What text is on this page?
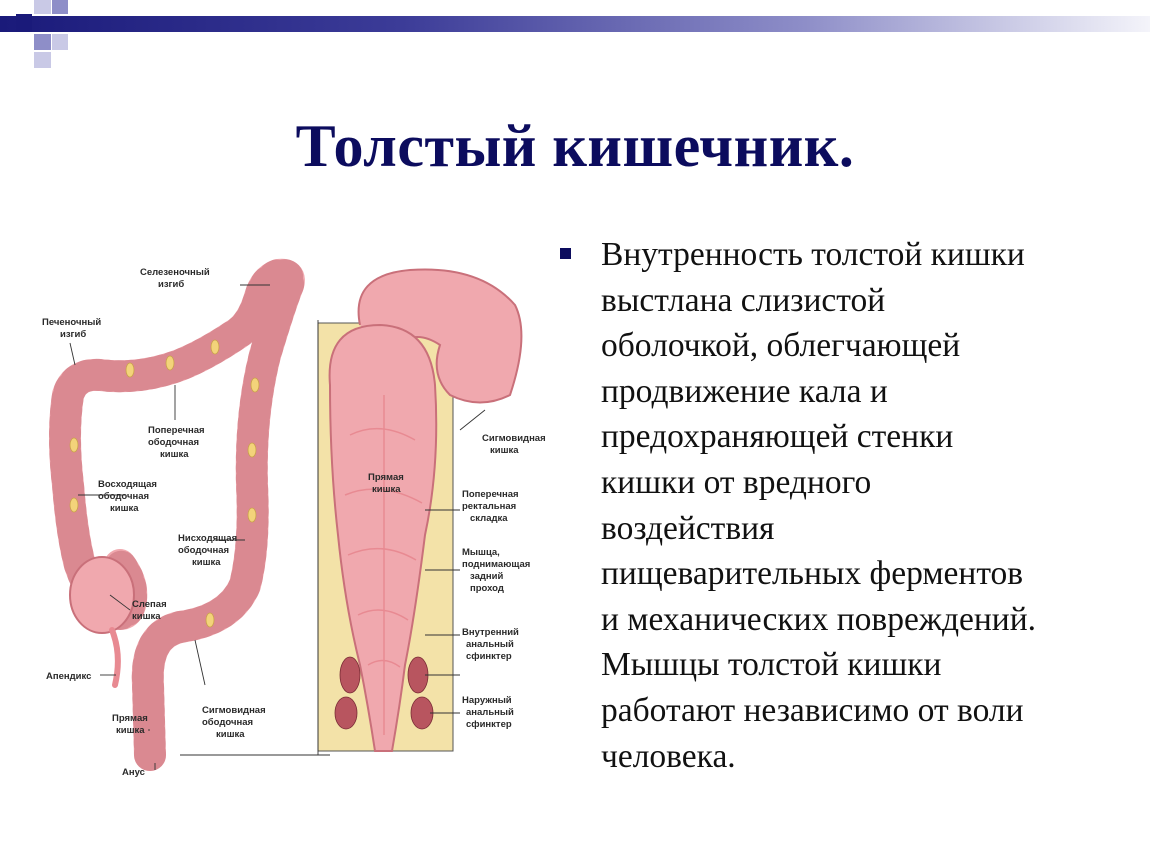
Толстый кишечник.
Селезеночный изгиб
Печеночный изгиб
Поперечная ободочная кишка
Восходящая ободочная кишка
Нисходящая ободочная кишка
Слепая кишка
Апендикс
Прямая кишка
Сигмовидная ободочная кишка
Анус
Сигмовидная кишка
Прямая кишка	Поперечная ректальная складка
Мышца, поднимающая задний проход
Внутренний анальный сфинктер
Наружный анальный сфинктер
Внутренность толстой кишки
выстлана слизистой
оболочкой, облегчающей
продвижение кала и
предохраняющей стенки
кишки от вредного
воздействия
пищеварительных ферментов
и механических повреждений.
Мышцы толстой кишки
работают независимо от воли
человека.
